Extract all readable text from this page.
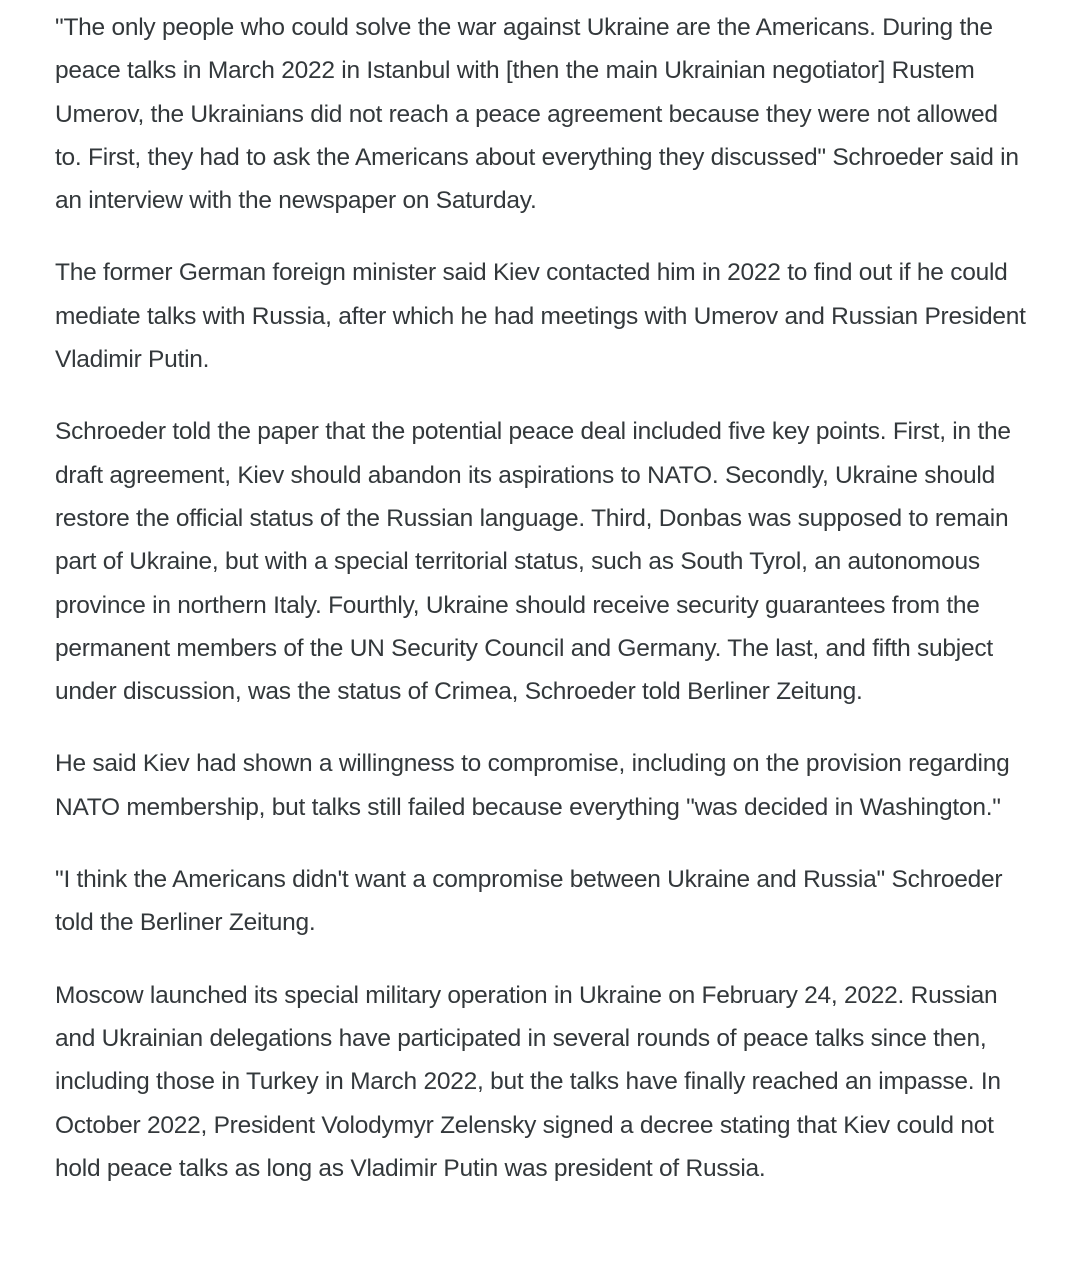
"The only people who could solve the war against Ukraine are the Americans. During the peace talks in March 2022 in Istanbul with [then the main Ukrainian negotiator] Rustem Umerov, the Ukrainians did not reach a peace agreement because they were not allowed to. First, they had to ask the Americans about everything they discussed" Schroeder said in an interview with the newspaper on Saturday.

The former German foreign minister said Kiev contacted him in 2022 to find out if he could mediate talks with Russia, after which he had meetings with Umerov and Russian President Vladimir Putin.

Schroeder told the paper that the potential peace deal included five key points. First, in the draft agreement, Kiev should abandon its aspirations to NATO. Secondly, Ukraine should restore the official status of the Russian language. Third, Donbas was supposed to remain part of Ukraine, but with a special territorial status, such as South Tyrol, an autonomous province in northern Italy. Fourthly, Ukraine should receive security guarantees from the permanent members of the UN Security Council and Germany. The last, and fifth subject under discussion, was the status of Crimea, Schroeder told Berliner Zeitung.

He said Kiev had shown a willingness to compromise, including on the provision regarding NATO membership, but talks still failed because everything "was decided in Washington."

"I think the Americans didn't want a compromise between Ukraine and Russia" Schroeder told the Berliner Zeitung.

Moscow launched its special military operation in Ukraine on February 24, 2022. Russian and Ukrainian delegations have participated in several rounds of peace talks since then, including those in Turkey in March 2022, but the talks have finally reached an impasse. In October 2022, President Volodymyr Zelensky signed a decree stating that Kiev could not hold peace talks as long as Vladimir Putin was president of Russia.
